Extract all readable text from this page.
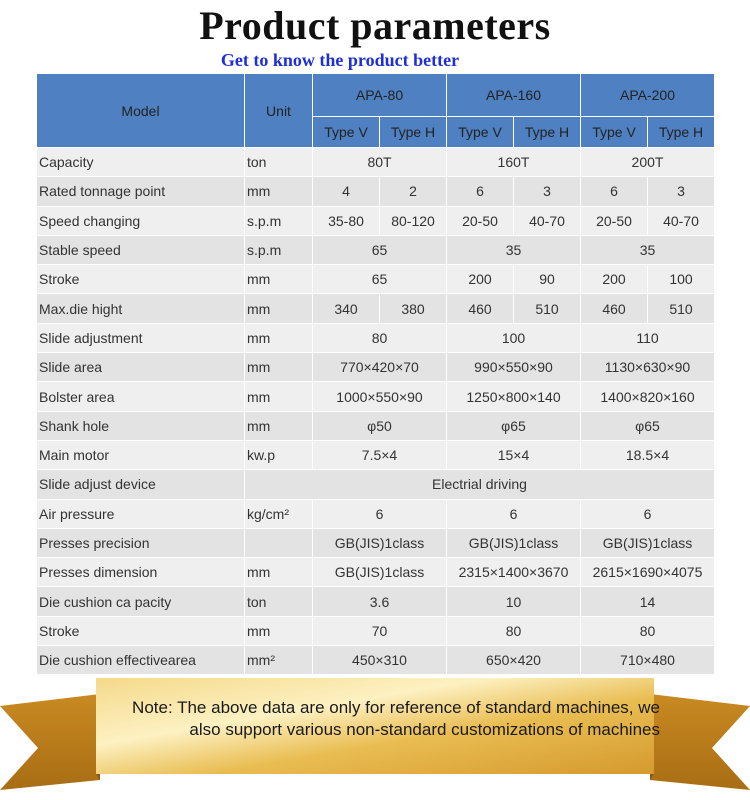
Product parameters
Get to know the product better
Model	Unit	APA-80		APA-160		APA-200	
		Type V	Type H	Type V	Type H	Type V	Type H
Capacity	ton	80T		160T		200T	
Rated tonnage point	mm	4	2	6	3	6	3
Speed changing	s.p.m	35-80	80-120	20-50	40-70	20-50	40-70
Stable speed	s.p.m	65		35		35	
Stroke	mm	65		200	90	200	100
Max.die hight	mm	340	380	460	510	460	510
Slide adjustment	mm	80		100		110	
Slide area	mm	770×420×70		990×550×90		1130×630×90	
Bolster area	mm	1000×550×90		1250×800×140		1400×820×160	
Shank hole	mm	φ50		φ65		φ65	
Main motor	kw.p	7.5×4		15×4		18.5×4	
Slide adjust device	Electrial driving						
Air pressure	kg/cm²	6		6		6	
Presses precision		GB(JIS)1class		GB(JIS)1class		GB(JIS)1class	
Presses dimension	mm	GB(JIS)1class		2315×1400×3670		2615×1690×4075	
Die cushion ca pacity	ton	3.6		10		14	
Stroke	mm	70		80		80	
Die cushion effectivearea	mm²	450×310		650×420		710×480	
Note: The above data are only for reference of standard machines, we
also support various non-standard customizations of machines
